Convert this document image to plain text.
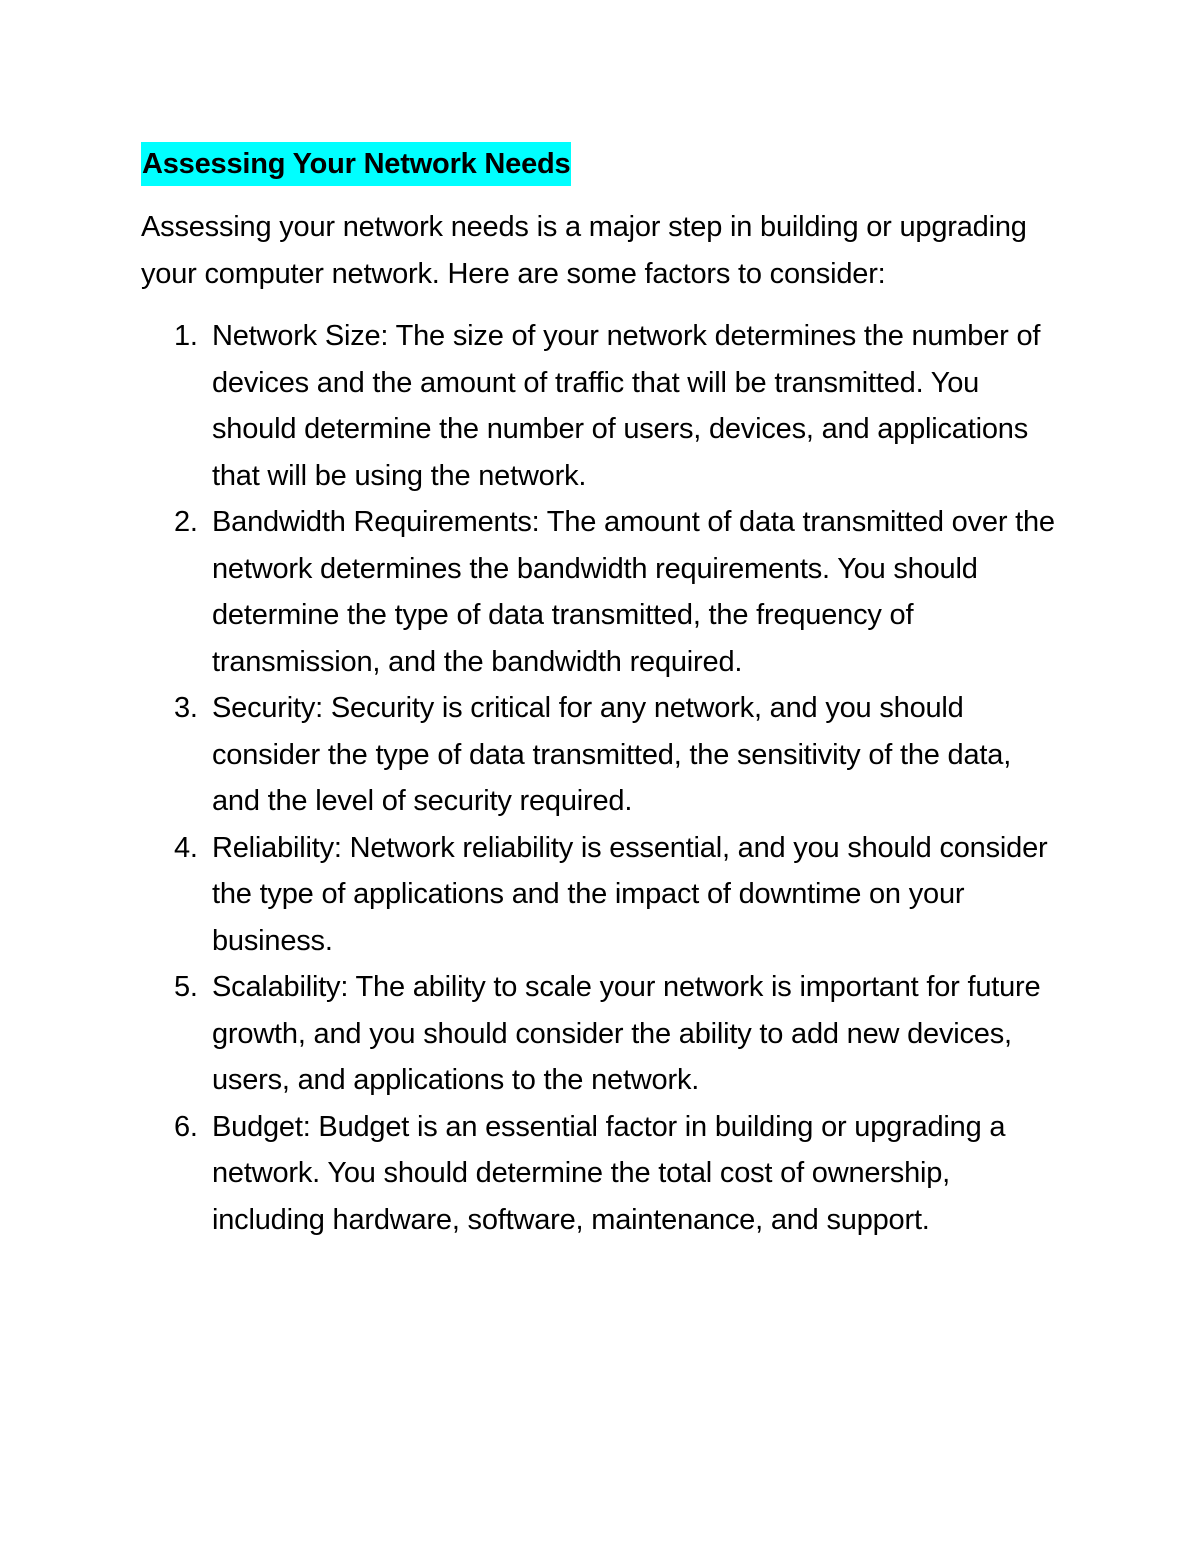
Assessing Your Network Needs

Assessing your network needs is a major step in building or upgrading your computer network. Here are some factors to consider:

1. Network Size: The size of your network determines the number of devices and the amount of traffic that will be transmitted. You should determine the number of users, devices, and applications that will be using the network.
2. Bandwidth Requirements: The amount of data transmitted over the network determines the bandwidth requirements. You should determine the type of data transmitted, the frequency of transmission, and the bandwidth required.
3. Security: Security is critical for any network, and you should consider the type of data transmitted, the sensitivity of the data, and the level of security required.
4. Reliability: Network reliability is essential, and you should consider the type of applications and the impact of downtime on your business.
5. Scalability: The ability to scale your network is important for future growth, and you should consider the ability to add new devices, users, and applications to the network.
6. Budget: Budget is an essential factor in building or upgrading a network. You should determine the total cost of ownership, including hardware, software, maintenance, and support.
